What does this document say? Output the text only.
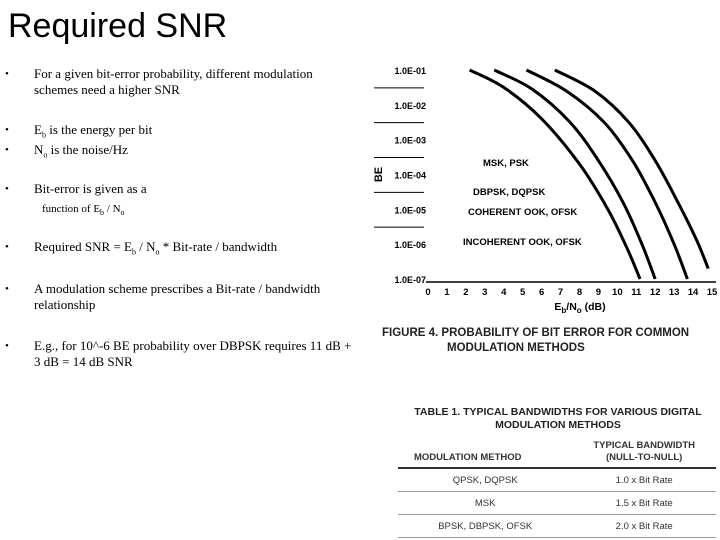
Required SNR
• For a given bit-error probability, different modulation schemes need a higher SNR
• $E_b$ is the energy per bit
• $N_o$ is the noise/Hz
• Bit-error is given as a
function of $E_b / N_o$
• Required SNR = $E_b / N_o$ * Bit-rate / bandwidth
• A modulation scheme prescribes a Bit-rate / bandwidth relationship
• E.g., for 10^-6 BE probability over DBPSK requires 11 dB + 3 dB = 14 dB SNR
1.0E-01
1.0E-02
1.0E-03
1.0E-04
1.0E-05
1.0E-06
1.0E-07
0 1 2 3 4 5 6 7 8 9 10 11 12 13 14 15
BE
$E_b/N_o$ (dB)
MSK, PSK
DBPSK, DQPSK
COHERENT OOK, OFSK
INCOHERENT OOK, OFSK
FIGURE 4. PROBABILITY OF BIT ERROR FOR COMMON
MODULATION METHODS
TABLE 1. TYPICAL BANDWIDTHS FOR VARIOUS DIGITAL
MODULATION METHODS
MODULATION METHOD	TYPICAL BANDWIDTH
(NULL-TO-NULL)

QPSK, DQPSK	1.0 x Bit Rate
MSK	1.5 x Bit Rate
BPSK, DBPSK, OFSK	2.0 x Bit Rate
